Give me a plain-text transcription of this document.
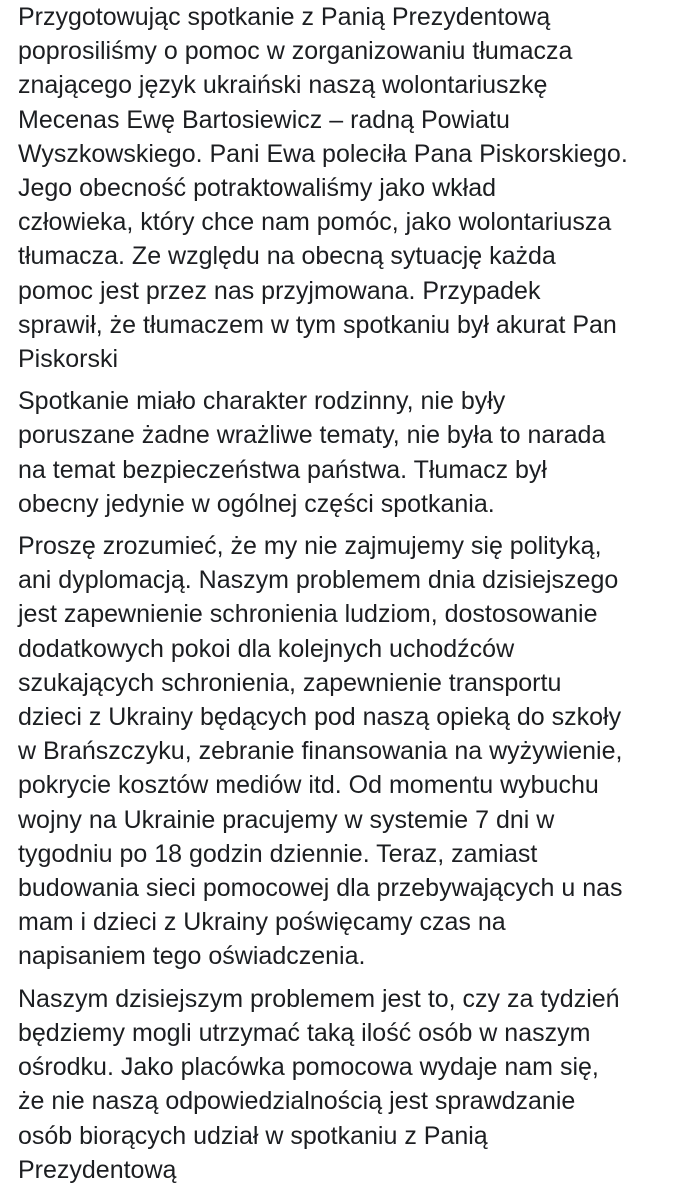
Przygotowując spotkanie z Panią Prezydentową
poprosiliśmy o pomoc w zorganizowaniu tłumacza
znającego język ukraiński naszą wolontariuszkę
Mecenas Ewę Bartosiewicz – radną Powiatu
Wyszkowskiego. Pani Ewa poleciła Pana Piskorskiego.
Jego obecność potraktowaliśmy jako wkład
człowieka, który chce nam pomóc, jako wolontariusza
tłumacza. Ze względu na obecną sytuację każda
pomoc jest przez nas przyjmowana. Przypadek
sprawił, że tłumaczem w tym spotkaniu był akurat Pan
Piskorski

Spotkanie miało charakter rodzinny, nie były
poruszane żadne wrażliwe tematy, nie była to narada
na temat bezpieczeństwa państwa. Tłumacz był
obecny jedynie w ogólnej części spotkania.

Proszę zrozumieć, że my nie zajmujemy się polityką,
ani dyplomacją. Naszym problemem dnia dzisiejszego
jest zapewnienie schronienia ludziom, dostosowanie
dodatkowych pokoi dla kolejnych uchodźców
szukających schronienia, zapewnienie transportu
dzieci z Ukrainy będących pod naszą opieką do szkoły
w Brańszczyku, zebranie finansowania na wyżywienie,
pokrycie kosztów mediów itd. Od momentu wybuchu
wojny na Ukrainie pracujemy w systemie 7 dni w
tygodniu po 18 godzin dziennie. Teraz, zamiast
budowania sieci pomocowej dla przebywających u nas
mam i dzieci z Ukrainy poświęcamy czas na
napisaniem tego oświadczenia.

Naszym dzisiejszym problemem jest to, czy za tydzień
będziemy mogli utrzymać taką ilość osób w naszym
ośrodku. Jako placówka pomocowa wydaje nam się,
że nie naszą odpowiedzialnością jest sprawdzanie
osób biorących udział w spotkaniu z Panią
Prezydentową
